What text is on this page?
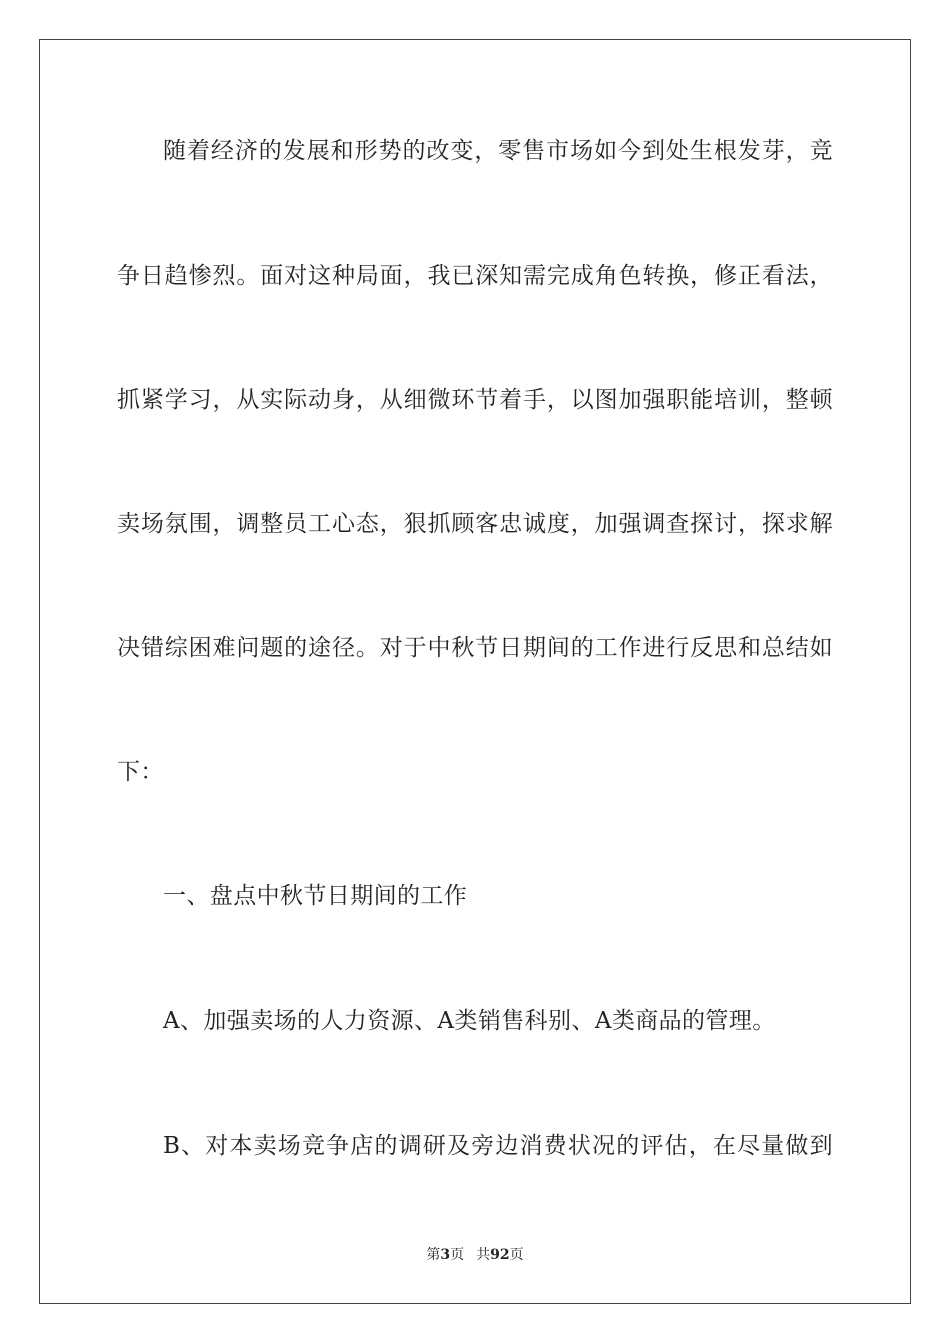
随着经济的发展和形势的改变，零售市场如今到处生根发芽，竞
争日趋惨烈。面对这种局面，我已深知需完成角色转换，修正看法，
抓紧学习，从实际动身，从细微环节着手，以图加强职能培训，整顿
卖场氛围，调整员工心态，狠抓顾客忠诚度，加强调查探讨，探求解
决错综困难问题的途径。对于中秋节日期间的工作进行反思和总结如
下：
一、盘点中秋节日期间的工作
A、加强卖场的人力资源、A类销售科别、A类商品的管理。
B、对本卖场竞争店的调研及旁边消费状况的评估，在尽量做到
第3页 共92页
